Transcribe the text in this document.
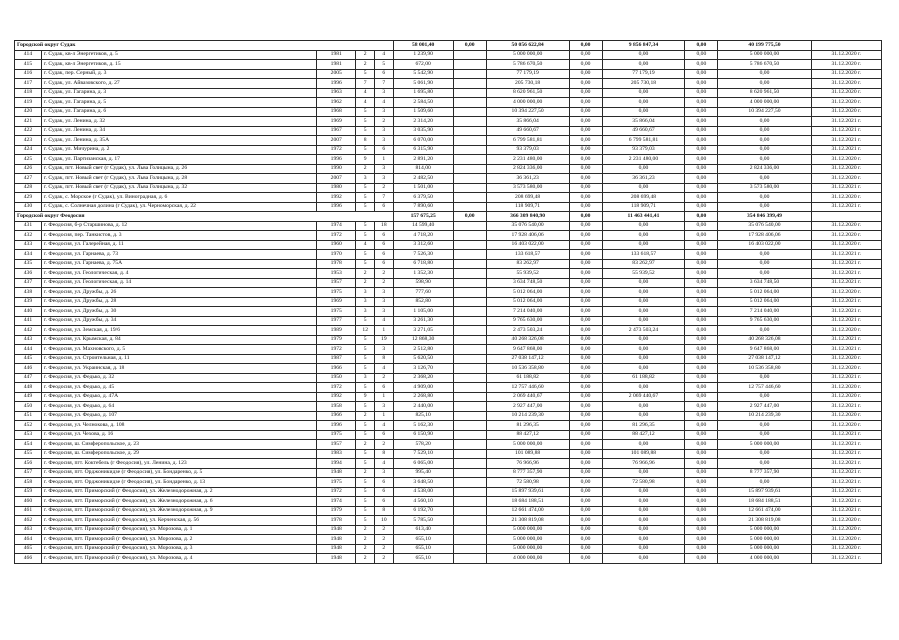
Городской округ Судак					58 001,40	0,00	50 056 622,84	0,00	9 856 847,34	0,00	40 199 775,50	
414	г. Судак, кв-л Энергетиков, д. 5	1981	2	4	1 239,90		5 000 000,00	0,00	0,00	0,00	5 000 000,00	31.12.2020 г.
415	г. Судак, кв-л Энергетиков, д. 15	1981	2	5	672,00		5 786 670,50	0,00	0,00	0,00	5 786 670,50	31.12.2020 г.
416	г. Судак, пер. Серный, д. 3	2005	5	6	5 542,90		77 179,19	0,00	77 179,19	0,00	0,00	31.12.2020 г.
417	г. Судак, ул. Айвазовского, д. 27	1996	7	7	5 061,90		205 730,18	0,00	205 730,18	0,00	0,00	31.12.2020 г.
418	г. Судак, ул. Гагарина, д. 3	1963	4	3	1 695,80		8 620 961,50	0,00	0,00	0,00	8 620 961,50	31.12.2020 г.
419	г. Судак, ул. Гагарина, д. 5	1962	4	4	2 584,50		4 000 000,00	0,00	0,00	0,00	4 000 000,00	31.12.2020 г.
420	г. Судак, ул. Гагарина, д. 6	1968	5	3	1 509,60		10 394 227,50	0,00	0,00	0,00	10 394 227,50	31.12.2020 г.
421	г. Судак, ул. Ленина, д. 32	1969	5	2	2 314,20		35 866,04	0,00	35 866,04	0,00	0,00	31.12.2021 г.
422	г. Судак, ул. Ленина, д. 34	1967	5	3	3 035,90		49 660,67	0,00	49 660,67	0,00	0,00	31.12.2021 г.
423	г. Судак, ул. Ленина, д. 35А	2007	8	3	6 070,00		6 799 581,81	0,00	6 799 581,81	0,00	0,00	31.12.2021 г.
424	г. Судак, ул. Мичурина, д. 2	1972	5	6	6 315,90		93 379,03	0,00	93 379,03	0,00	0,00	31.12.2021 г.
425	г. Судак, ул. Партизанская, д. 17	1996	9	1	2 891,20		2 231 480,00	0,00	2 231 480,00	0,00	0,00	31.12.2020 г.
426	г. Судак, пгт. Новый свет (г Судак), ул. Льва Голицына, д. 26	1990	2	3	814,00		2 824 336,00	0,00	0,00	0,00	2 824 336,00	31.12.2020 г.
427	г. Судак, пгт. Новый свет (г Судак), ул. Льва Голицына, д. 28	2007	3	3	2 482,50		36 361,23	0,00	36 361,23	0,00	0,00	31.12.2020 г.
428	г. Судак, пгт. Новый свет (г Судак), ул. Льва Голицына, д. 32	1980	5	2	1 501,00		3 573 580,00	0,00	0,00	0,00	3 573 580,00	31.12.2021 г.
429	г. Судак, с. Морское (г Судак), ул. Виноградная, д. 6	1992	5	7	6 379,50		208 699,48	0,00	208 699,48	0,00	0,00	31.12.2020 г.
430	г. Судак, с. Солнечная долина (г Судак), ул. Черноморская, д. 22	1996	5	6	7 890,60		118 909,71	0,00	118 909,71	0,00	0,00	31.12.2021 г.
Городской округ Феодосия					157 675,25	0,00	366 309 840,90	0,00	11 463 441,41	0,00	354 846 399,49	
431	г. Феодосия, б-р Старшинова, д. 12	1974	5	18	14 599,40		35 076 540,00	0,00	0,00	0,00	35 076 540,00	31.12.2020 г.
432	г. Феодосия, пер. Танкистов, д. 3	1972	5	6	4 718,20		17 928 406,06	0,00	0,00	0,00	17 928 406,06	31.12.2020 г.
433	г. Феодосия, ул. Галерейная, д. 11	1960	4	6	3 312,60		16 403 022,00	0,00	0,00	0,00	16 403 022,00	31.12.2020 г.
434	г. Феодосия, ул. Гарнаева, д. 73	1970	5	6	7 526,30		133 618,57	0,00	133 618,57	0,00	0,00	31.12.2021 г.
435	г. Феодосия, ул. Гарнаева, д. 75А	1978	5	6	6 718,80		83 262,97	0,00	83 262,97	0,00	0,00	31.12.2021 г.
436	г. Феодосия, ул. Геологическая, д. 4	1953	2	2	1 352,30		55 939,52	0,00	55 939,52	0,00	0,00	31.12.2021 г.
437	г. Феодосия, ул. Геологическая, д. 14	1957	2	2	598,90		3 634 748,50	0,00	0,00	0,00	3 634 748,50	31.12.2021 г.
438	г. Феодосия, ул. Дружбы, д. 26	1975	3	3	777,60		5 012 064,00	0,00	0,00	0,00	5 012 064,00	31.12.2020 г.
439	г. Феодосия, ул. Дружбы, д. 28	1969	3	3	852,80		5 012 064,00	0,00	0,00	0,00	5 012 064,00	31.12.2021 г.
440	г. Феодосия, ул. Дружбы, д. 30	1975	3	3	1 105,00		7 214 040,00	0,00	0,00	0,00	7 214 040,00	31.12.2021 г.
441	г. Феодосия, ул. Дружбы, д. 34	1977	5	4	3 261,30		9 765 630,00	0,00	0,00	0,00	9 765 630,00	31.12.2021 г.
442	г. Феодосия, ул. Земская, д. 19/6	1989	12	1	3 271,05		2 473 503,24	0,00	2 473 503,24	0,00	0,00	31.12.2020 г.
443	г. Феодосия, ул. Крымская, д. 84	1979	5	19	12 868,30		40 268 326,08	0,00	0,00	0,00	40 268 326,08	31.12.2021 г.
444	г. Феодосия, ул. Махновского, д. 5	1972	5	3	2 512,80		9 647 868,00	0,00	0,00	0,00	9 647 868,00	31.12.2021 г.
445	г. Феодосия, ул. Строительная, д. 11	1987	5	8	5 620,50		27 038 147,12	0,00	0,00	0,00	27 038 147,12	31.12.2020 г.
446	г. Феодосия, ул. Украинская, д. 18	1966	5	4	3 126,70		10 536 358,80	0,00	0,00	0,00	10 536 358,80	31.12.2020 г.
447	г. Феодосия, ул. Федько, д. 32	1950	3	2	2 368,20		61 188,82	0,00	61 188,82	0,00	0,00	31.12.2021 г.
448	г. Феодосия, ул. Федько, д. 45	1972	5	6	4 909,00		12 757 446,60	0,00	0,00	0,00	12 757 446,60	31.12.2020 г.
449	г. Феодосия, ул. Федько, д. 47А	1992	9	1	2 268,80		2 069 440,67	0,00	2 069 440,67	0,00	0,00	31.12.2020 г.
450	г. Феодосия, ул. Федько, д. 64	1958	5	3	2 440,00		2 927 447,00	0,00	0,00	0,00	2 927 447,00	31.12.2021 г.
451	г. Феодосия, ул. Федько, д. 107	1966	2	1	825,10		10 214 239,30	0,00	0,00	0,00	10 214 239,30	31.12.2020 г.
452	г. Феодосия, ул. Челнокова, д. 108	1996	5	4	5 162,30		81 296,35	0,00	81 296,35	0,00	0,00	31.12.2020 г.
453	г. Феодосия, ул. Чехова, д. 16	1975	5	6	6 150,90		88 427,12	0,00	88 427,12	0,00	0,00	31.12.2021 г.
454	г. Феодосия, ш. Симферопольское, д. 23	1957	2	2	578,20		5 000 000,00	0,00	0,00	0,00	5 000 000,00	31.12.2021 г.
455	г. Феодосия, ш. Симферопольское, д. 29	1983	5	8	7 529,10		101 089,88	0,00	101 089,88	0,00	0,00	31.12.2021 г.
456	г. Феодосия, пгт. Коктебель (г Феодосия), ул. Ленина, д. 123	1994	5	4	6 065,00		76 966,96	0,00	76 966,96	0,00	0,00	31.12.2021 г.
457	г. Феодосия, пгт. Орджоникидзе (г Феодосия), ул. Бондаренко, д. 5	1948	2	3	995,40		8 777 357,90	0,00	0,00	0,00	8 777 357,90	31.12.2021 г.
458	г. Феодосия, пгт. Орджоникидзе (г Феодосия), ул. Бондаренко, д. 13	1975	5	6	3 648,50		72 580,98	0,00	72 580,98	0,00	0,00	31.12.2021 г.
459	г. Феодосия, пгт. Приморский (г Феодосия), ул. Железнодорожная, д. 2	1972	5	6	4 538,00		15 897 939,61	0,00	0,00	0,00	15 897 939,61	31.12.2021 г.
460	г. Феодосия, пгт. Приморский (г Феодосия), ул. Железнодорожная, д. 6	1974	5	6	4 560,10		18 684 188,51	0,00	0,00	0,00	18 684 188,51	31.12.2021 г.
461	г. Феодосия, пгт. Приморский (г Феодосия), ул. Железнодорожная, д. 9	1979	5	8	6 192,70		12 661 474,00	0,00	0,00	0,00	12 661 474,00	31.12.2021 г.
462	г. Феодосия, пгт. Приморский (г Феодосия), ул. Керченская, д. 56	1978	5	10	5 785,50		21 308 819,08	0,00	0,00	0,00	21 308 819,08	31.12.2020 г.
463	г. Феодосия, пгт. Приморский (г Феодосия), ул. Морозова, д. 1	1948	2	2	613,40		5 000 000,00	0,00	0,00	0,00	5 000 000,00	31.12.2020 г.
464	г. Феодосия, пгт. Приморский (г Феодосия), ул. Морозова, д. 2	1948	2	2	655,10		5 000 000,00	0,00	0,00	0,00	5 000 000,00	31.12.2020 г.
465	г. Феодосия, пгт. Приморский (г Феодосия), ул. Морозова, д. 3	1948	2	2	655,10		5 000 000,00	0,00	0,00	0,00	5 000 000,00	31.12.2020 г.
466	г. Феодосия, пгт. Приморский (г Феодосия), ул. Морозова, д. 4	1948	2	2	655,10		4 000 000,00	0,00	0,00	0,00	4 000 000,00	31.12.2021 г.
